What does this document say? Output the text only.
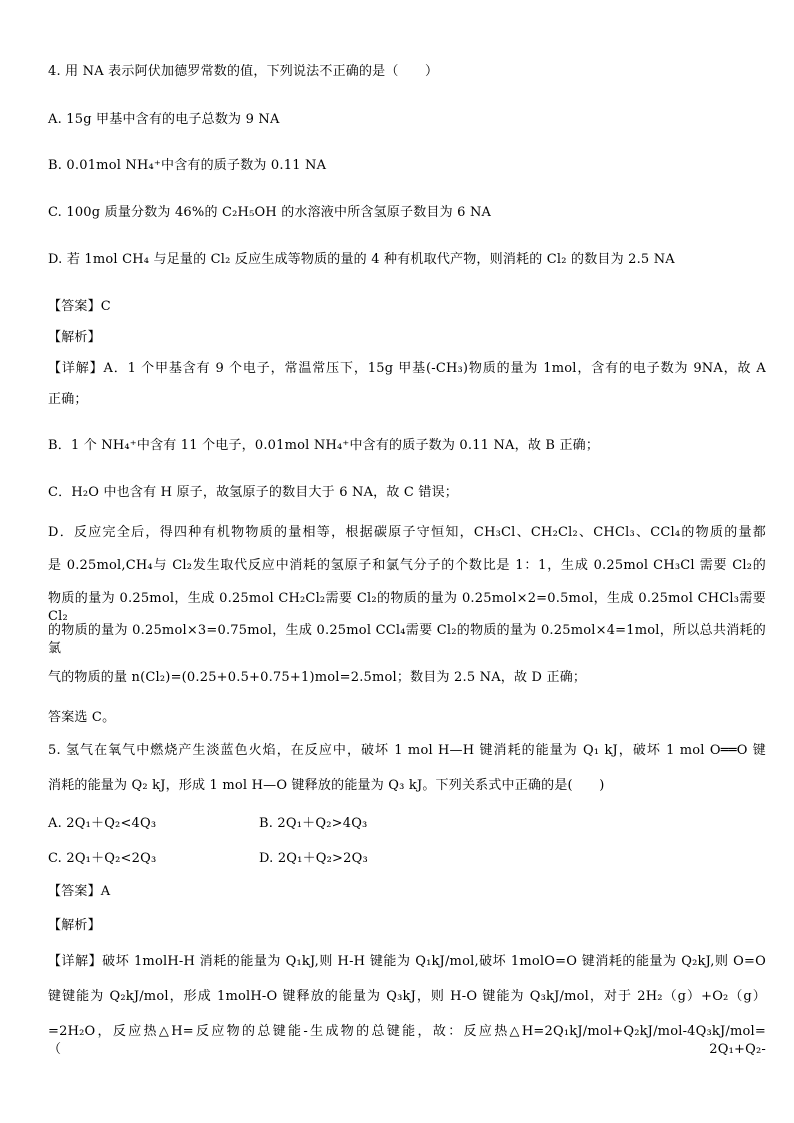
4. 用 NA 表示阿伏加德罗常数的值，下列说法不正确的是（　　）
A. 15g 甲基中含有的电子总数为 9 NA
B. 0.01mol NH₄⁺中含有的质子数为 0.11 NA
C. 100g 质量分数为 46%的 C₂H₅OH 的水溶液中所含氢原子数目为 6 NA
D. 若 1mol CH₄ 与足量的 Cl₂ 反应生成等物质的量的 4 种有机取代产物，则消耗的 Cl₂ 的数目为 2.5 NA
【答案】C
【解析】
【详解】A．1 个甲基含有 9 个电子，常温常压下，15g 甲基(-CH₃)物质的量为 1mol，含有的电子数为 9NA，故 A
正确；
B．1 个 NH₄⁺中含有 11 个电子，0.01mol NH₄⁺中含有的质子数为 0.11 NA，故 B 正确；
C．H₂O 中也含有 H 原子，故氢原子的数目大于 6 NA，故 C 错误；
D．反应完全后，得四种有机物物质的量相等，根据碳原子守恒知，CH₃Cl、CH₂Cl₂、CHCl₃、CCl₄的物质的量都
是 0.25mol,CH₄与 Cl₂发生取代反应中消耗的氢原子和氯气分子的个数比是 1：1，生成 0.25mol CH₃Cl 需要 Cl₂的
物质的量为 0.25mol，生成 0.25mol CH₂Cl₂需要 Cl₂的物质的量为 0.25mol×2=0.5mol，生成 0.25mol CHCl₃需要 Cl₂
的物质的量为 0.25mol×3=0.75mol，生成 0.25mol CCl₄需要 Cl₂的物质的量为 0.25mol×4=1mol，所以总共消耗的氯
气的物质的量 n(Cl₂)=(0.25+0.5+0.75+1)mol=2.5mol；数目为 2.5 NA，故 D 正确；
答案选 C。
5. 氢气在氧气中燃烧产生淡蓝色火焰，在反应中，破坏 1 mol H—H 键消耗的能量为 Q₁ kJ，破坏 1 mol O══O 键
消耗的能量为 Q₂ kJ，形成 1 mol H—O 键释放的能量为 Q₃ kJ。下列关系式中正确的是(　　)
A. 2Q₁＋Q₂<4Q₃	B. 2Q₁＋Q₂>4Q₃
C. 2Q₁＋Q₂<2Q₃	D. 2Q₁＋Q₂>2Q₃
【答案】A
【解析】
【详解】破坏 1molH-H 消耗的能量为 Q₁kJ,则 H-H 键能为 Q₁kJ/mol,破坏 1molO=O 键消耗的能量为 Q₂kJ,则 O=O
键键能为 Q₂kJ/mol，形成 1molH-O 键释放的能量为 Q₃kJ，则 H-O 键能为 Q₃kJ/mol，对于 2H₂（g）+O₂（g）
=2H₂O，反应热△H=反应物的总键能-生成物的总键能，故：反应热△H=2Q₁kJ/mol+Q₂kJ/mol-4Q₃kJ/mol=（2Q₁+Q₂-
